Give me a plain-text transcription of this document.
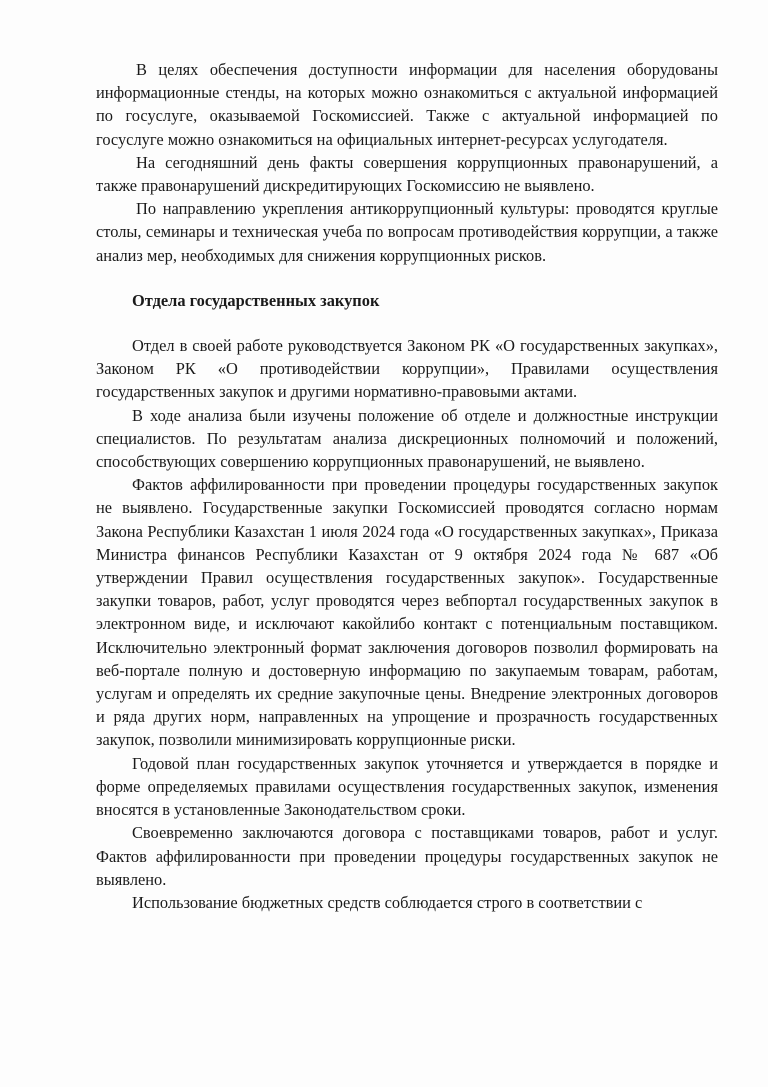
В целях обеспечения доступности информации для населения оборудованы информационные стенды, на которых можно ознакомиться с актуальной информацией по госуслуге, оказываемой Госкомиссией. Также с актуальной информацией по госуслуге можно ознакомиться на официальных интернет-ресурсах услугодателя.

На сегодняшний день факты совершения коррупционных правонарушений, а также правонарушений дискредитирующих Госкомиссию не выявлено.

По направлению укрепления антикоррупционный культуры: проводятся круглые столы, семинары и техническая учеба по вопросам противодействия коррупции, а также анализ мер, необходимых для снижения коррупционных рисков.

Отдела государственных закупок

Отдел в своей работе руководствуется Законом РК «О государственных закупках», Законом РК «О противодействии коррупции», Правилами осуществления государственных закупок и другими нормативно-правовыми актами.

В ходе анализа были изучены положение об отделе и должностные инструкции специалистов. По результатам анализа дискреционных полномочий и положений, способствующих совершению коррупционных правонарушений, не выявлено.

Фактов аффилированности при проведении процедуры государственных закупок не выявлено. Государственные закупки Госкомиссией проводятся согласно нормам Закона Республики Казахстан 1 июля 2024 года «О государственных закупках», Приказа Министра финансов Республики Казахстан от 9 октября 2024 года № 687 «Об утверждении Правил осуществления государственных закупок». Государственные закупки товаров, работ, услуг проводятся через вебпортал государственных закупок в электронном виде, и исключают какойлибо контакт с потенциальным поставщиком. Исключительно электронный формат заключения договоров позволил формировать на веб-портале полную и достоверную информацию по закупаемым товарам, работам, услугам и определять их средние закупочные цены. Внедрение электронных договоров и ряда других норм, направленных на упрощение и прозрачность государственных закупок, позволили минимизировать коррупционные риски.

Годовой план государственных закупок уточняется и утверждается в порядке и форме определяемых правилами осуществления государственных закупок, изменения вносятся в установленные Законодательством сроки.

Своевременно заключаются договора с поставщиками товаров, работ и услуг. Фактов аффилированности при проведении процедуры государственных закупок не выявлено.

Использование бюджетных средств соблюдается строго в соответствии с
